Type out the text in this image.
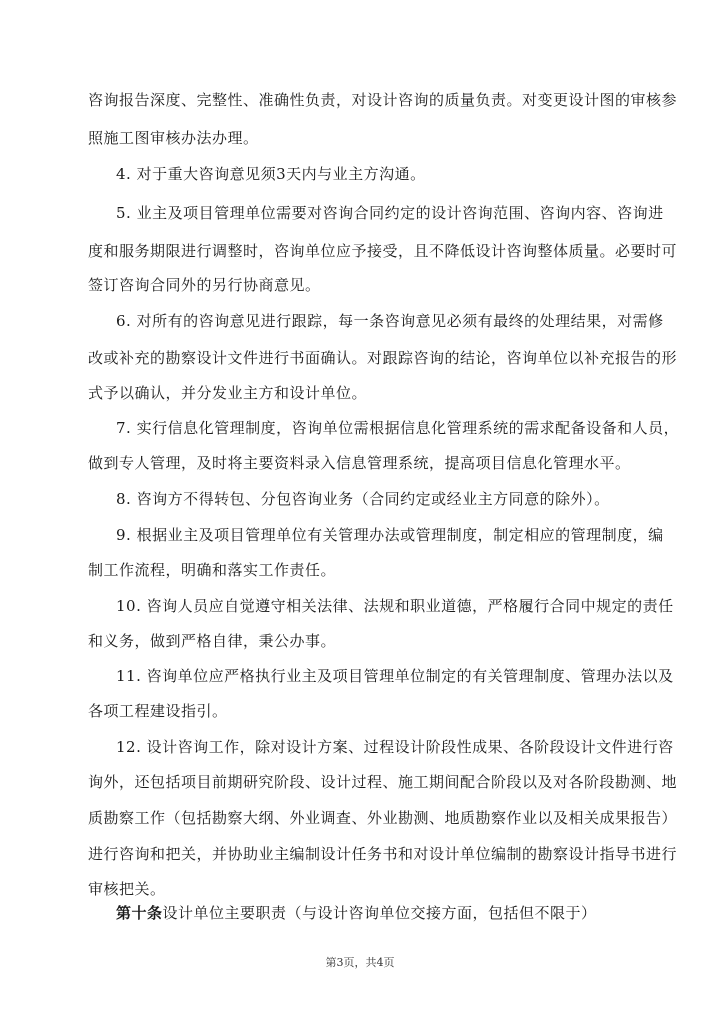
咨询报告深度、完整性、准确性负责，对设计咨询的质量负责。对变更设计图的审核参
照施工图审核办法办理。
4. 对于重大咨询意见须3天内与业主方沟通。
5. 业主及项目管理单位需要对咨询合同约定的设计咨询范围、咨询内容、咨询进
度和服务期限进行调整时，咨询单位应予接受，且不降低设计咨询整体质量。必要时可
签订咨询合同外的另行协商意见。
6. 对所有的咨询意见进行跟踪，每一条咨询意见必须有最终的处理结果，对需修
改或补充的勘察设计文件进行书面确认。对跟踪咨询的结论，咨询单位以补充报告的形
式予以确认，并分发业主方和设计单位。
7. 实行信息化管理制度，咨询单位需根据信息化管理系统的需求配备设备和人员，
做到专人管理，及时将主要资料录入信息管理系统，提高项目信息化管理水平。
8. 咨询方不得转包、分包咨询业务（合同约定或经业主方同意的除外）。
9. 根据业主及项目管理单位有关管理办法或管理制度，制定相应的管理制度，编
制工作流程，明确和落实工作责任。
10. 咨询人员应自觉遵守相关法律、法规和职业道德，严格履行合同中规定的责任
和义务，做到严格自律，秉公办事。
11. 咨询单位应严格执行业主及项目管理单位制定的有关管理制度、管理办法以及
各项工程建设指引。
12. 设计咨询工作，除对设计方案、过程设计阶段性成果、各阶段设计文件进行咨
询外，还包括项目前期研究阶段、设计过程、施工期间配合阶段以及对各阶段勘测、地
质勘察工作（包括勘察大纲、外业调查、外业勘测、地质勘察作业以及相关成果报告）
进行咨询和把关，并协助业主编制设计任务书和对设计单位编制的勘察设计指导书进行
审核把关。
第十条设计单位主要职责（与设计咨询单位交接方面，包括但不限于）
第3页，共4页
